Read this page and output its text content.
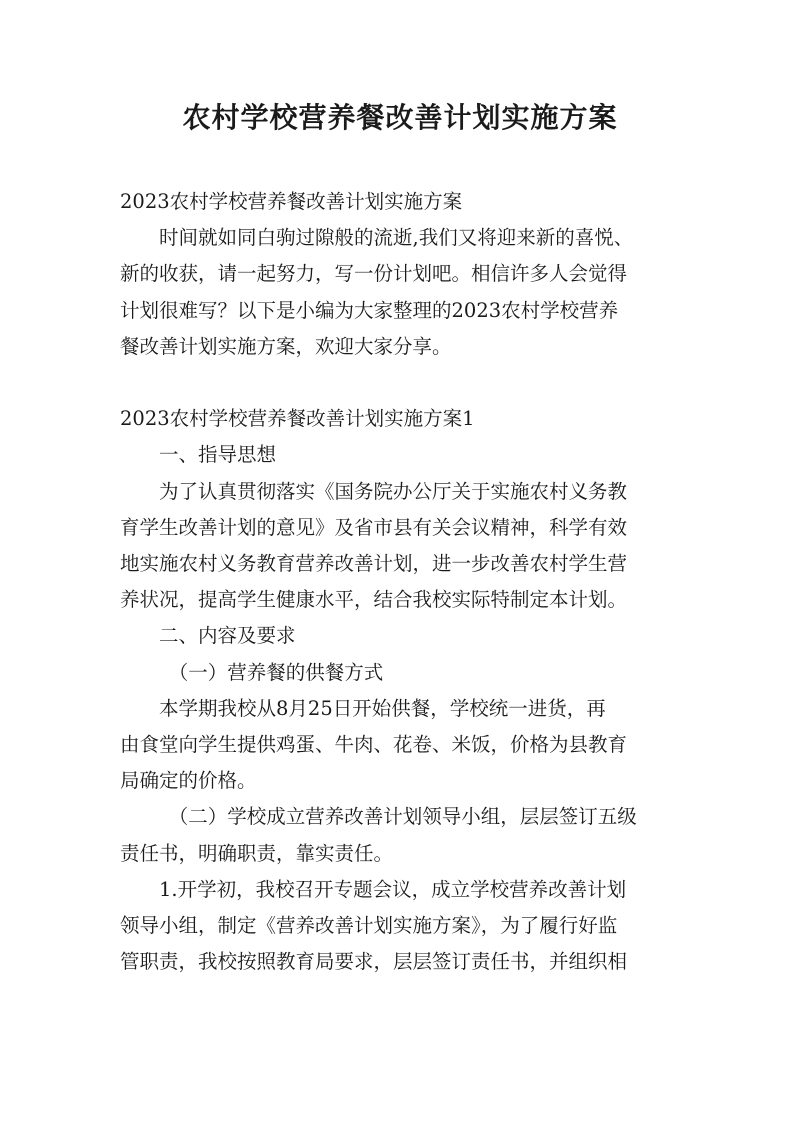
农村学校营养餐改善计划实施方案

2023农村学校营养餐改善计划实施方案

时间就如同白驹过隙般的流逝,我们又将迎来新的喜悦、
新的收获，请一起努力，写一份计划吧。相信许多人会觉得
计划很难写？以下是小编为大家整理的2023农村学校营养
餐改善计划实施方案，欢迎大家分享。

2023农村学校营养餐改善计划实施方案1

一、指导思想

为了认真贯彻落实《国务院办公厅关于实施农村义务教
育学生改善计划的意见》及省市县有关会议精神，科学有效
地实施农村义务教育营养改善计划，进一步改善农村学生营
养状况，提高学生健康水平，结合我校实际特制定本计划。

二、内容及要求

（一）营养餐的供餐方式

本学期我校从8月25日开始供餐，学校统一进货，再
由食堂向学生提供鸡蛋、牛肉、花卷、米饭，价格为县教育
局确定的价格。

（二）学校成立营养改善计划领导小组，层层签订五级
责任书，明确职责，靠实责任。

1.开学初，我校召开专题会议，成立学校营养改善计划
领导小组，制定《营养改善计划实施方案》，为了履行好监
管职责，我校按照教育局要求，层层签订责任书，并组织相
